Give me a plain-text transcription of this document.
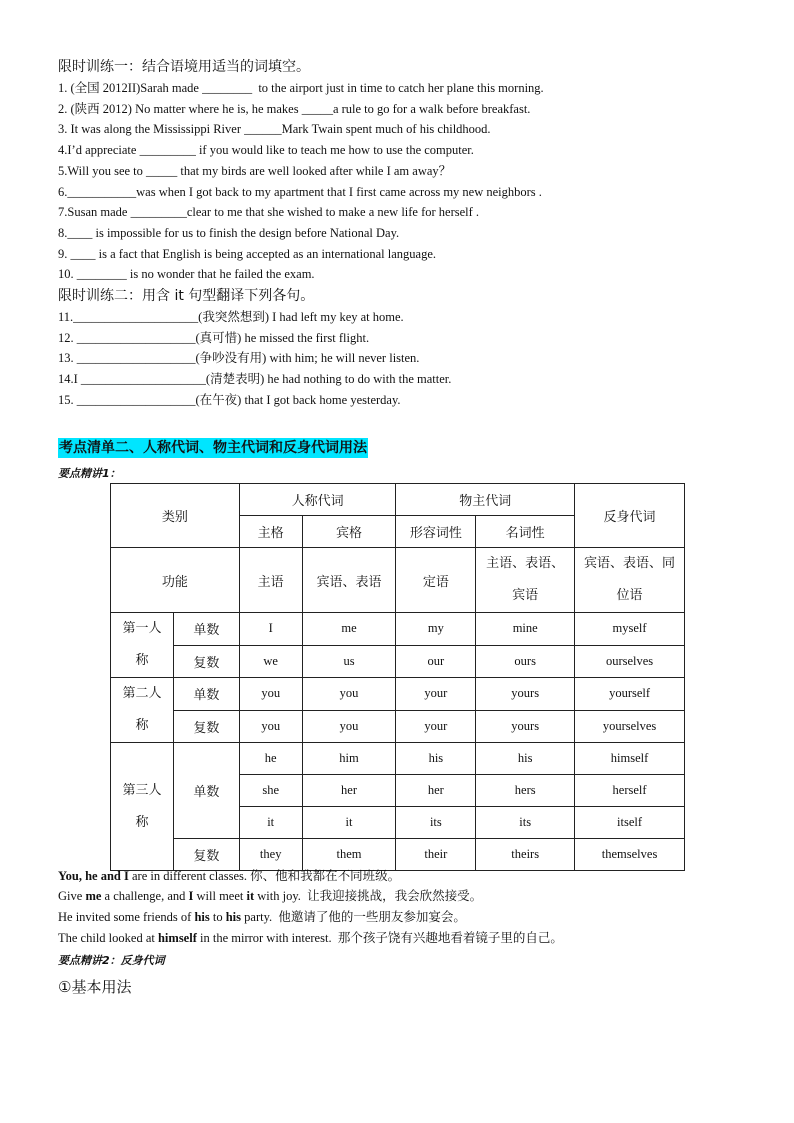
限时训练一：结合语境用适当的词填空。
1. (全国 2012II)Sarah made ________  to the airport just in time to catch her plane this morning.
2. (陕西 2012) No matter where he is, he makes _____a rule to go for a walk before breakfast.
3. It was along the Mississippi River ______Mark Twain spent much of his childhood.
4.I’d appreciate _________ if you would like to teach me how to use the computer.
5.Will you see to _____ that my birds are well looked after while I am away？
6.___________was when I got back to my apartment that I first came across my new neighbors .
7.Susan made _________clear to me that she wished to make a new life for herself .
8.____ is impossible for us to finish the design before National Day.
9. ____ is a fact that English is being accepted as an international language.
10. ________ is no wonder that he failed the exam.
限时训练二：用含 it 句型翻译下列各句。
11.____________________(我突然想到) I had left my key at home.
12. ___________________(真可惜) he missed the first flight.
13. ___________________(争吵没有用) with him; he will never listen.
14.I ____________________(清楚表明) he had nothing to do with the matter.
15. ___________________(在午夜) that I got back home yesterday.
考点清单二、人称代词、物主代词和反身代词用法
要点精讲1：
类别		人称代词		物主代词		反身代词
		主格	宾格	形容词性	名词性	
功能		主语	宾语、表语	定语	主语、表语、宾语	宾语、表语、同位语
第一人称	单数	I	me	my	mine	myself
	复数	we	us	our	ours	ourselves
第二人称	单数	you	you	your	yours	yourself
	复数	you	you	your	yours	yourselves
第三人称	单数	he	him	his	his	himself
		she	her	her	hers	herself
		it	it	its	its	itself
	复数	they	them	their	theirs	themselves
You, he and I are in different classes. 你、他和我都在不同班级。
Give me a challenge, and I will meet it with joy.  让我迎接挑战，我会欣然接受。
He invited some friends of his to his party.  他邀请了他的一些朋友参加宴会。
The child looked at himself in the mirror with interest.  那个孩子饶有兴趣地看着镜子里的自己。
要点精讲2：反身代词
①基本用法
